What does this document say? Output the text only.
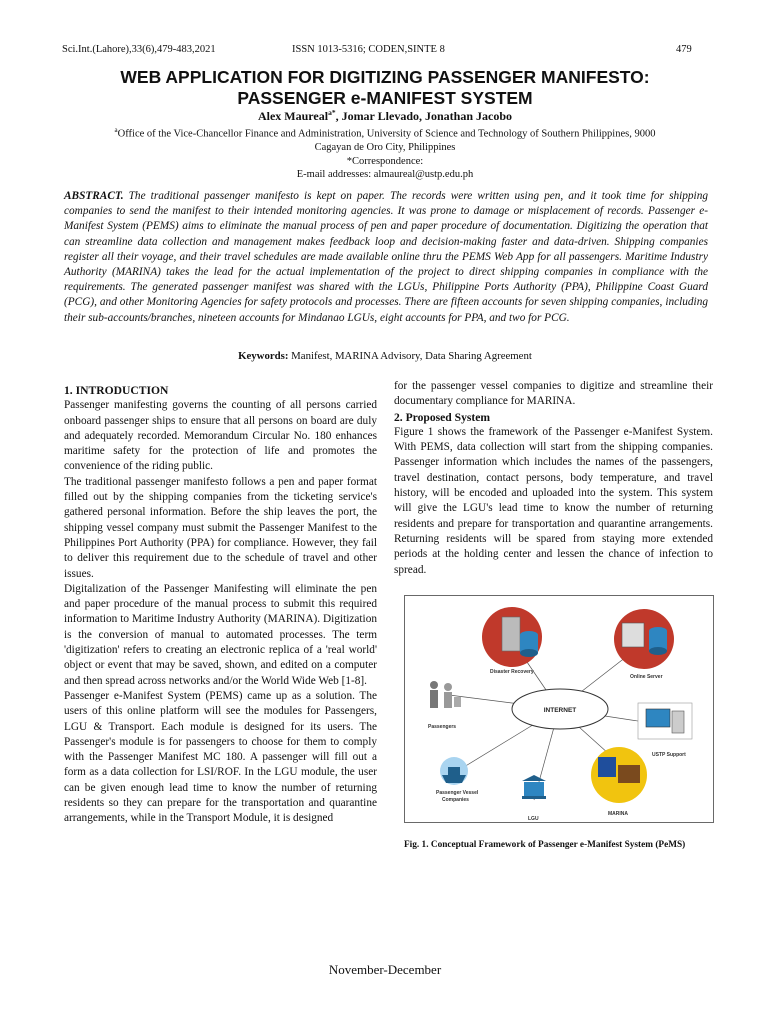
Sci.Int.(Lahore),33(6),479-483,2021	ISSN 1013-5316; CODEN,SINTE 8	479
WEB APPLICATION FOR DIGITIZING PASSENGER MANIFESTO:
PASSENGER e-MANIFEST SYSTEM
Alex Maureal$^{a*}$, Jomar Llevado, Jonathan Jacobo
$^a$Office of the Vice-Chancellor Finance and Administration, University of Science and Technology of Southern Philippines, 9000
Cagayan de Oro City, Philippines
*Correspondence:
E-mail addresses: almaureal@ustp.edu.ph
ABSTRACT. The traditional passenger manifesto is kept on paper. The records were written using pen, and it took time for shipping companies to send the manifest to their intended monitoring agencies. It was prone to damage or misplacement of records. Passenger e-Manifest System (PEMS) aims to eliminate the manual process of pen and paper procedure of documentation. Digitizing the operation that can streamline data collection and management makes feedback loop and decision-making faster and data-driven. Shipping companies register all their voyage, and their travel schedules are made available online thru the PEMS Web App for all passengers. Maritime Industry Authority (MARINA) takes the lead for the actual implementation of the project to direct shipping companies in compliance with the requirements. The generated passenger manifest was shared with the LGUs, Philippine Ports Authority (PPA), Philippine Coast Guard (PCG), and other Monitoring Agencies for safety protocols and processes. There are fifteen accounts for seven shipping companies, including their sub-accounts/branches, nineteen accounts for Mindanao LGUs, eight accounts for PPA, and two for PCG.
Keywords: Manifest, MARINA Advisory, Data Sharing Agreement
1. INTRODUCTION

Passenger manifesting governs the counting of all persons carried onboard passenger ships to ensure that all persons on board are duly and adequately recorded. Memorandum Circular No. 180 enhances maritime safety for the protection of life and promotes the convenience of the riding public.

The traditional passenger manifesto follows a pen and paper format filled out by the shipping companies from the ticketing service's gathered personal information. Before the ship leaves the port, the shipping vessel company must submit the Passenger Manifest to the Philippines Port Authority (PPA) for compliance. However, they fail to deliver this requirement due to the schedule of travel and other issues.

Digitalization of the Passenger Manifesting will eliminate the pen and paper procedure of the manual process to submit this required information to Maritime Industry Authority (MARINA). Digitization is the conversion of manual to automated processes. The term 'digitization' refers to creating an electronic replica of a 'real world' object or event that may be saved, shown, and edited on a computer and then spread across networks and/or the World Wide Web [1-8].

Passenger e-Manifest System (PEMS) came up as a solution. The users of this online platform will see the modules for Passengers, LGU & Transport. Each module is designed for its users. The Passenger's module is for passengers to choose for them to comply with the Passenger Manifest MC 180. A passenger will fill out a form as a data collection for LSI/ROF. In the LGU module, the user can be given enough lead time to know the number of returning residents so they can prepare for the transportation and quarantine arrangements, while in the Transport Module, it is designed

for the passenger vessel companies to digitize and streamline their documentary compliance for MARINA.

2. Proposed System

Figure 1 shows the framework of the Passenger e-Manifest System. With PEMS, data collection will start from the shipping companies. Passenger information which includes the names of the passengers, travel destination, contact persons, body temperature, and travel history, will be encoded and uploaded into the system. This system will give the LGU's lead time to know the number of returning residents and prepare for transportation and quarantine arrangements. Returning residents will be spared from staying more extended periods at the holding center and lessen the chance of infection to spread.

Disaster Recovery
Online Server
INTERNET
Passengers
USTP Support
MARINA
LGU
Passenger Vessel
Companies
Fig. 1. Conceptual Framework of Passenger e-Manifest System (PeMS)
November-December
